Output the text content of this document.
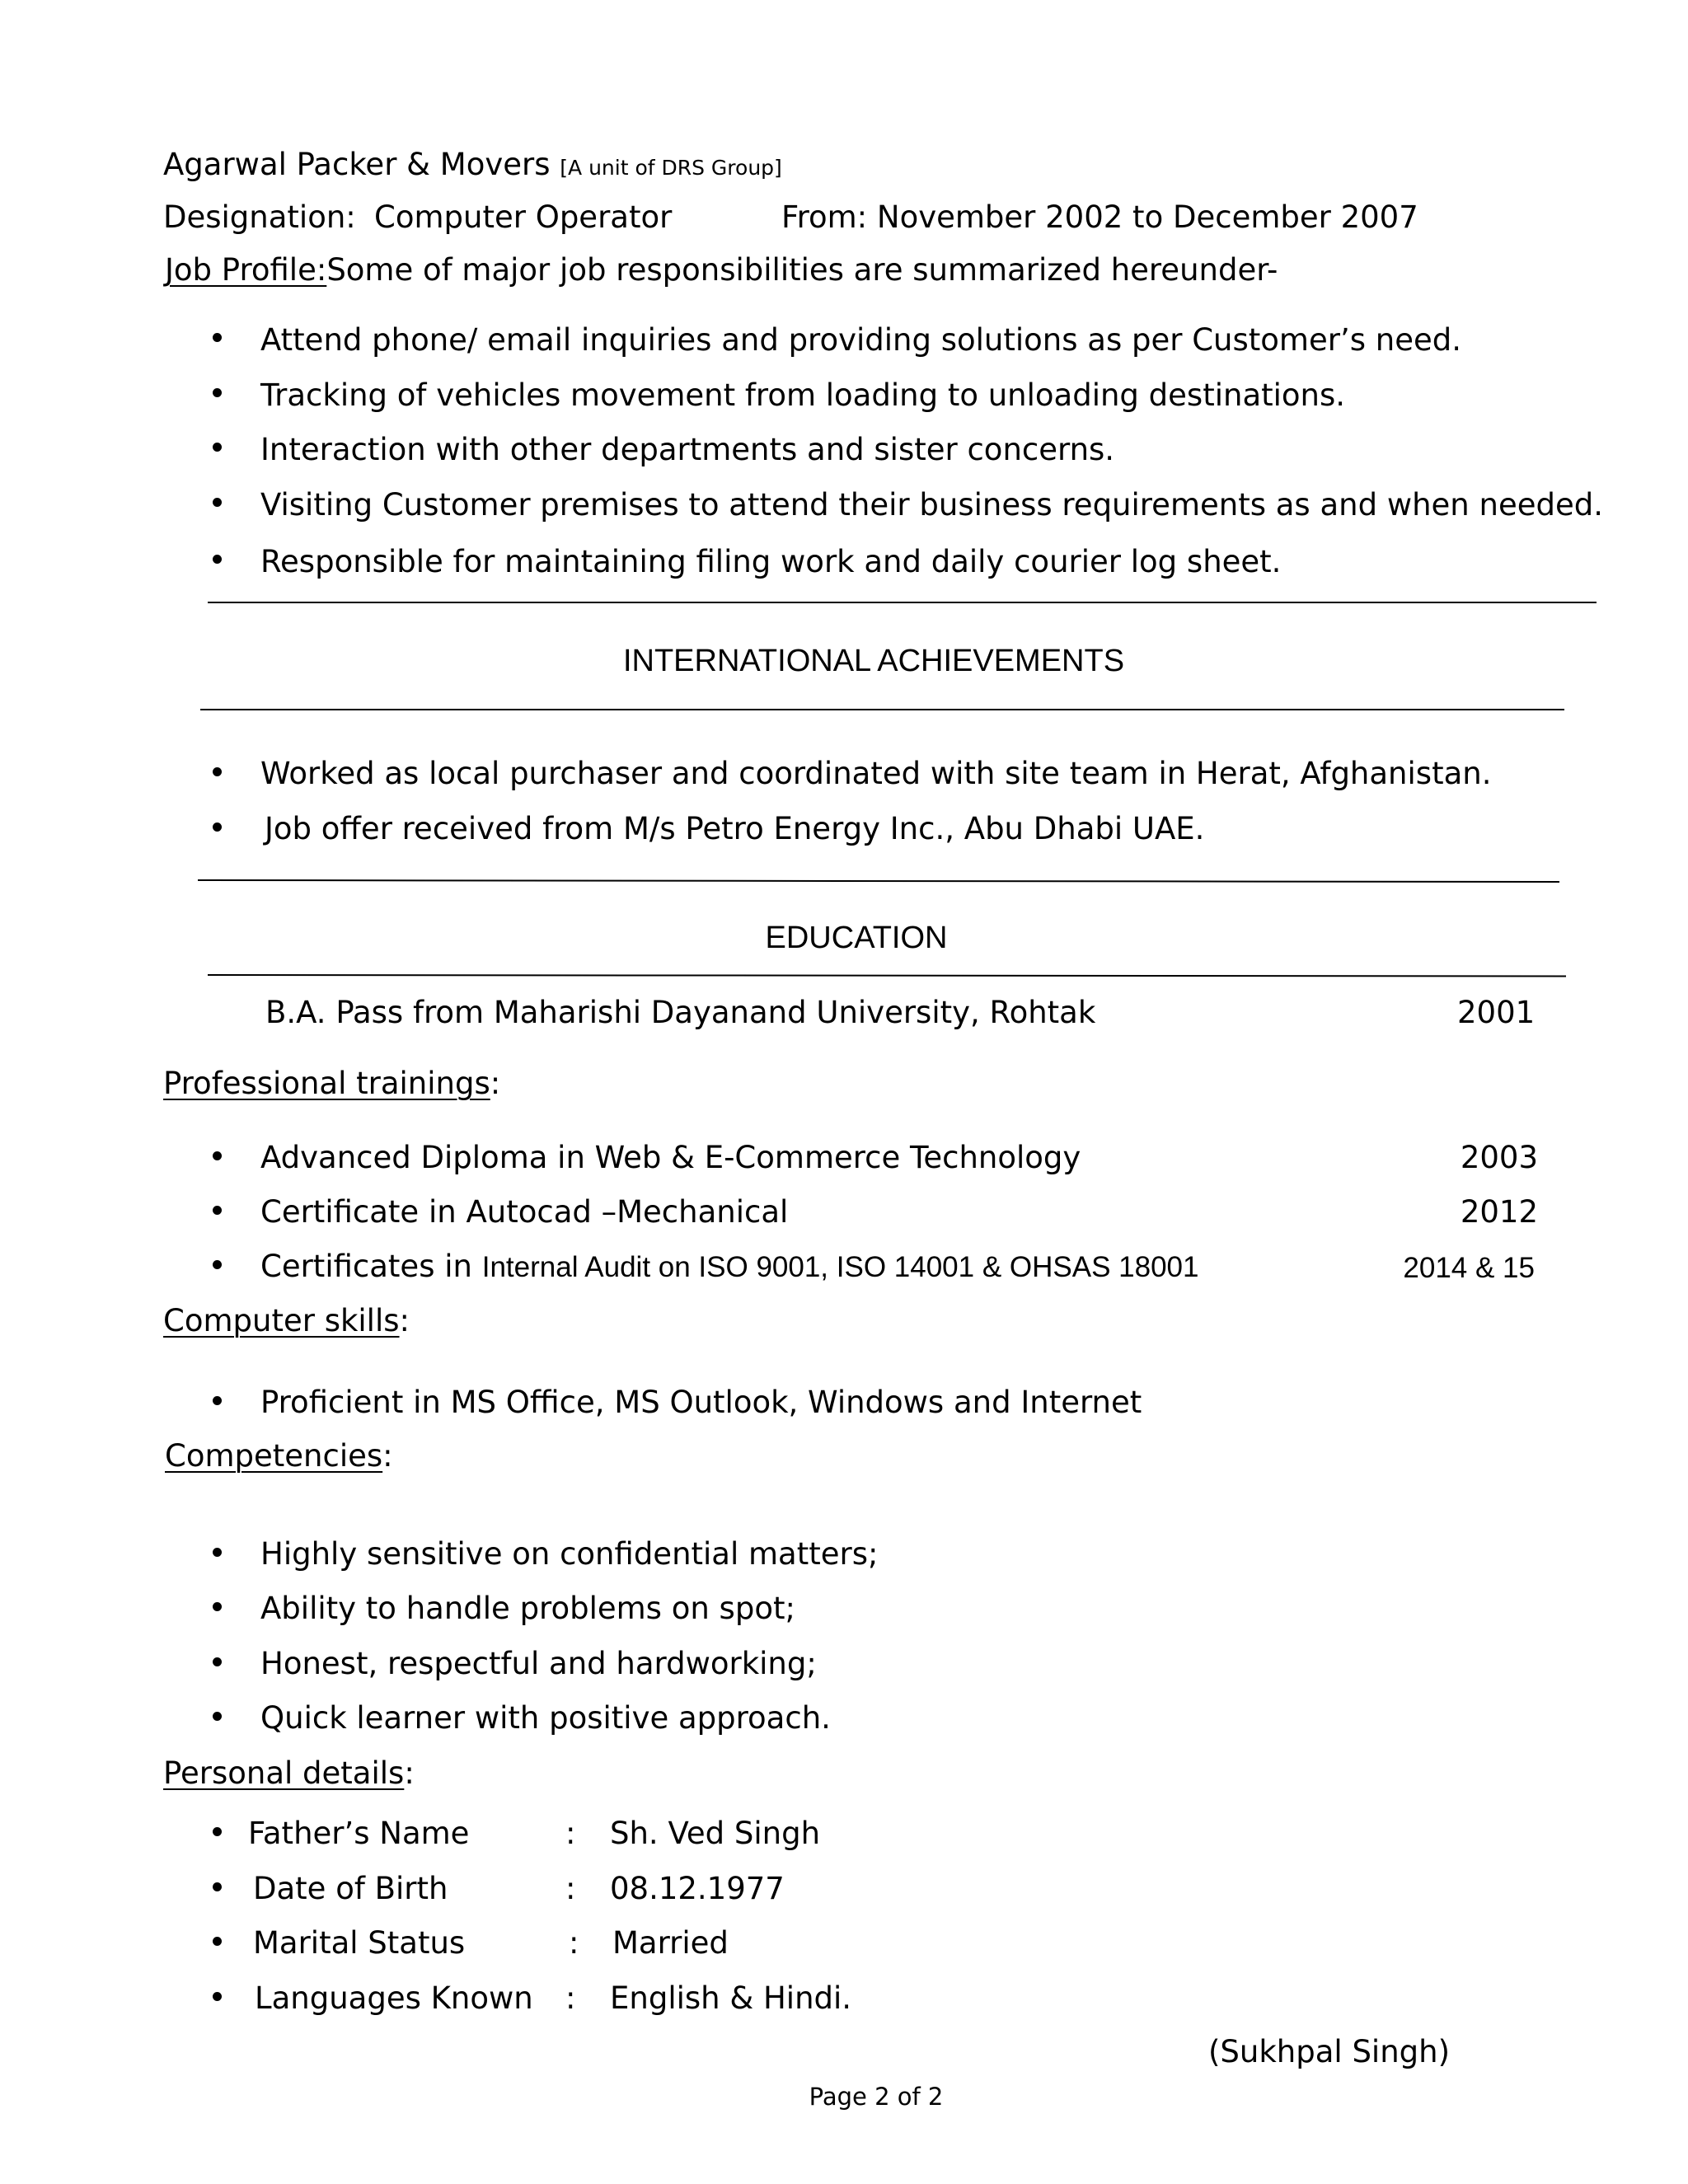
Agarwal Packer & Movers [A unit of DRS Group]
Designation: Computer Operator	From: November 2002 to December 2007
Job Profile:Some of major job responsibilities are summarized hereunder-
Attend phone/ email inquiries and providing solutions as per Customer’s need.
Tracking of vehicles movement from loading to unloading destinations.
Interaction with other departments and sister concerns.
Visiting Customer premises to attend their business requirements as and when needed.
Responsible for maintaining filing work and daily courier log sheet.
INTERNATIONAL ACHIEVEMENTS
Worked as local purchaser and coordinated with site team in Herat, Afghanistan.
Job offer received from M/s Petro Energy Inc., Abu Dhabi UAE.
EDUCATION
B.A. Pass from Maharishi Dayanand University, Rohtak	2001
Professional trainings:
Advanced Diploma in Web & E-Commerce Technology	2003
Certificate in Autocad –Mechanical	2012
Certificates in Internal Audit on ISO 9001, ISO 14001 & OHSAS 18001	2014 & 15
Computer skills:
Proficient in MS Office, MS Outlook, Windows and Internet
Competencies:
Highly sensitive on confidential matters;
Ability to handle problems on spot;
Honest, respectful and hardworking;
Quick learner with positive approach.
Personal details:
Father’s Name	: Sh. Ved Singh
Date of Birth	: 08.12.1977
Marital Status	: Married
Languages Known : English & Hindi.
(Sukhpal Singh)
Page 2 of 2
